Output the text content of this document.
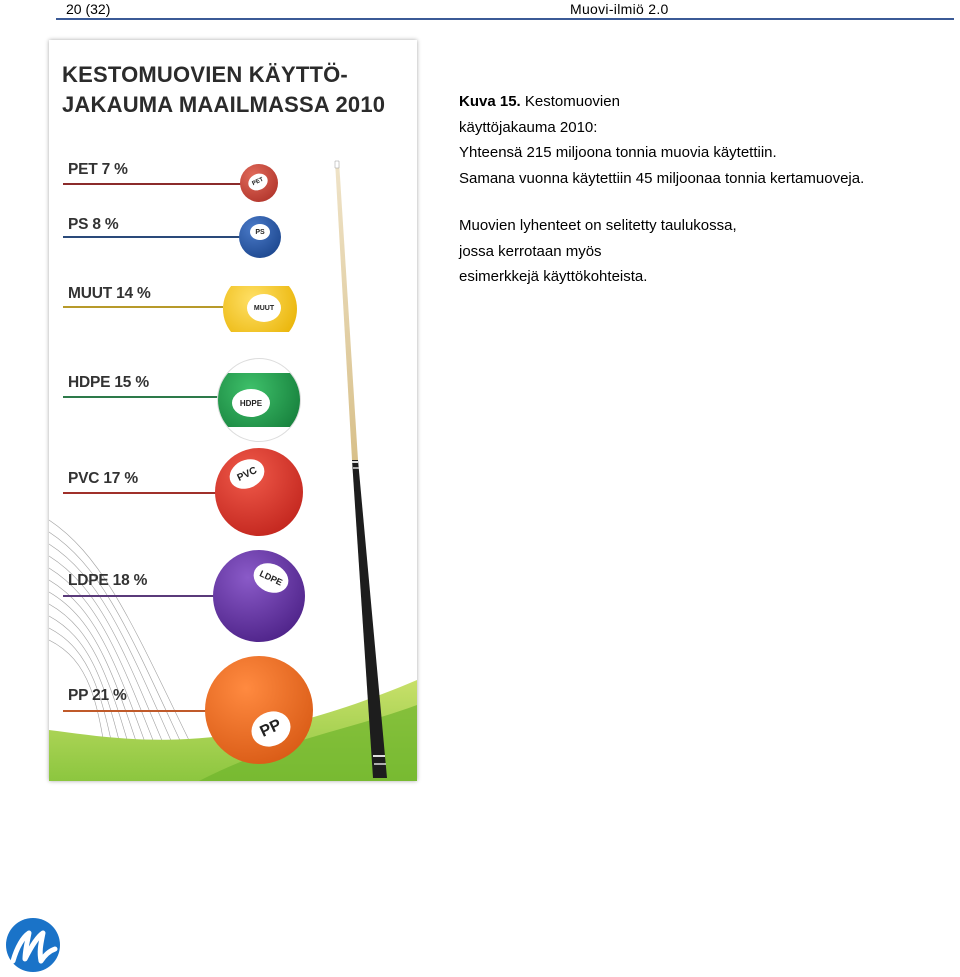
20 (32)	Muovi-ilmiö 2.0
KESTOMUOVIEN KÄYTTÖ-
JAKAUMA MAAILMASSA 2010
PET 7 %
PS 8 %
MUUT 14 %
HDPE 15 %
PVC 17 %
LDPE 18 %
PP 21 %
PET
PS
MUUT
HDPE
PVC
LDPE
PP
Kuva 15. Kestomuovien
käyttöjakauma 2010:
Yhteensä 215 miljoona tonnia muovia käytettiin.
Samana vuonna käytettiin 45 miljoonaa tonnia kertamuoveja.
Muovien lyhenteet on selitetty taulukossa,
jossa kerrotaan myös
esimerkkejä käyttökohteista.
